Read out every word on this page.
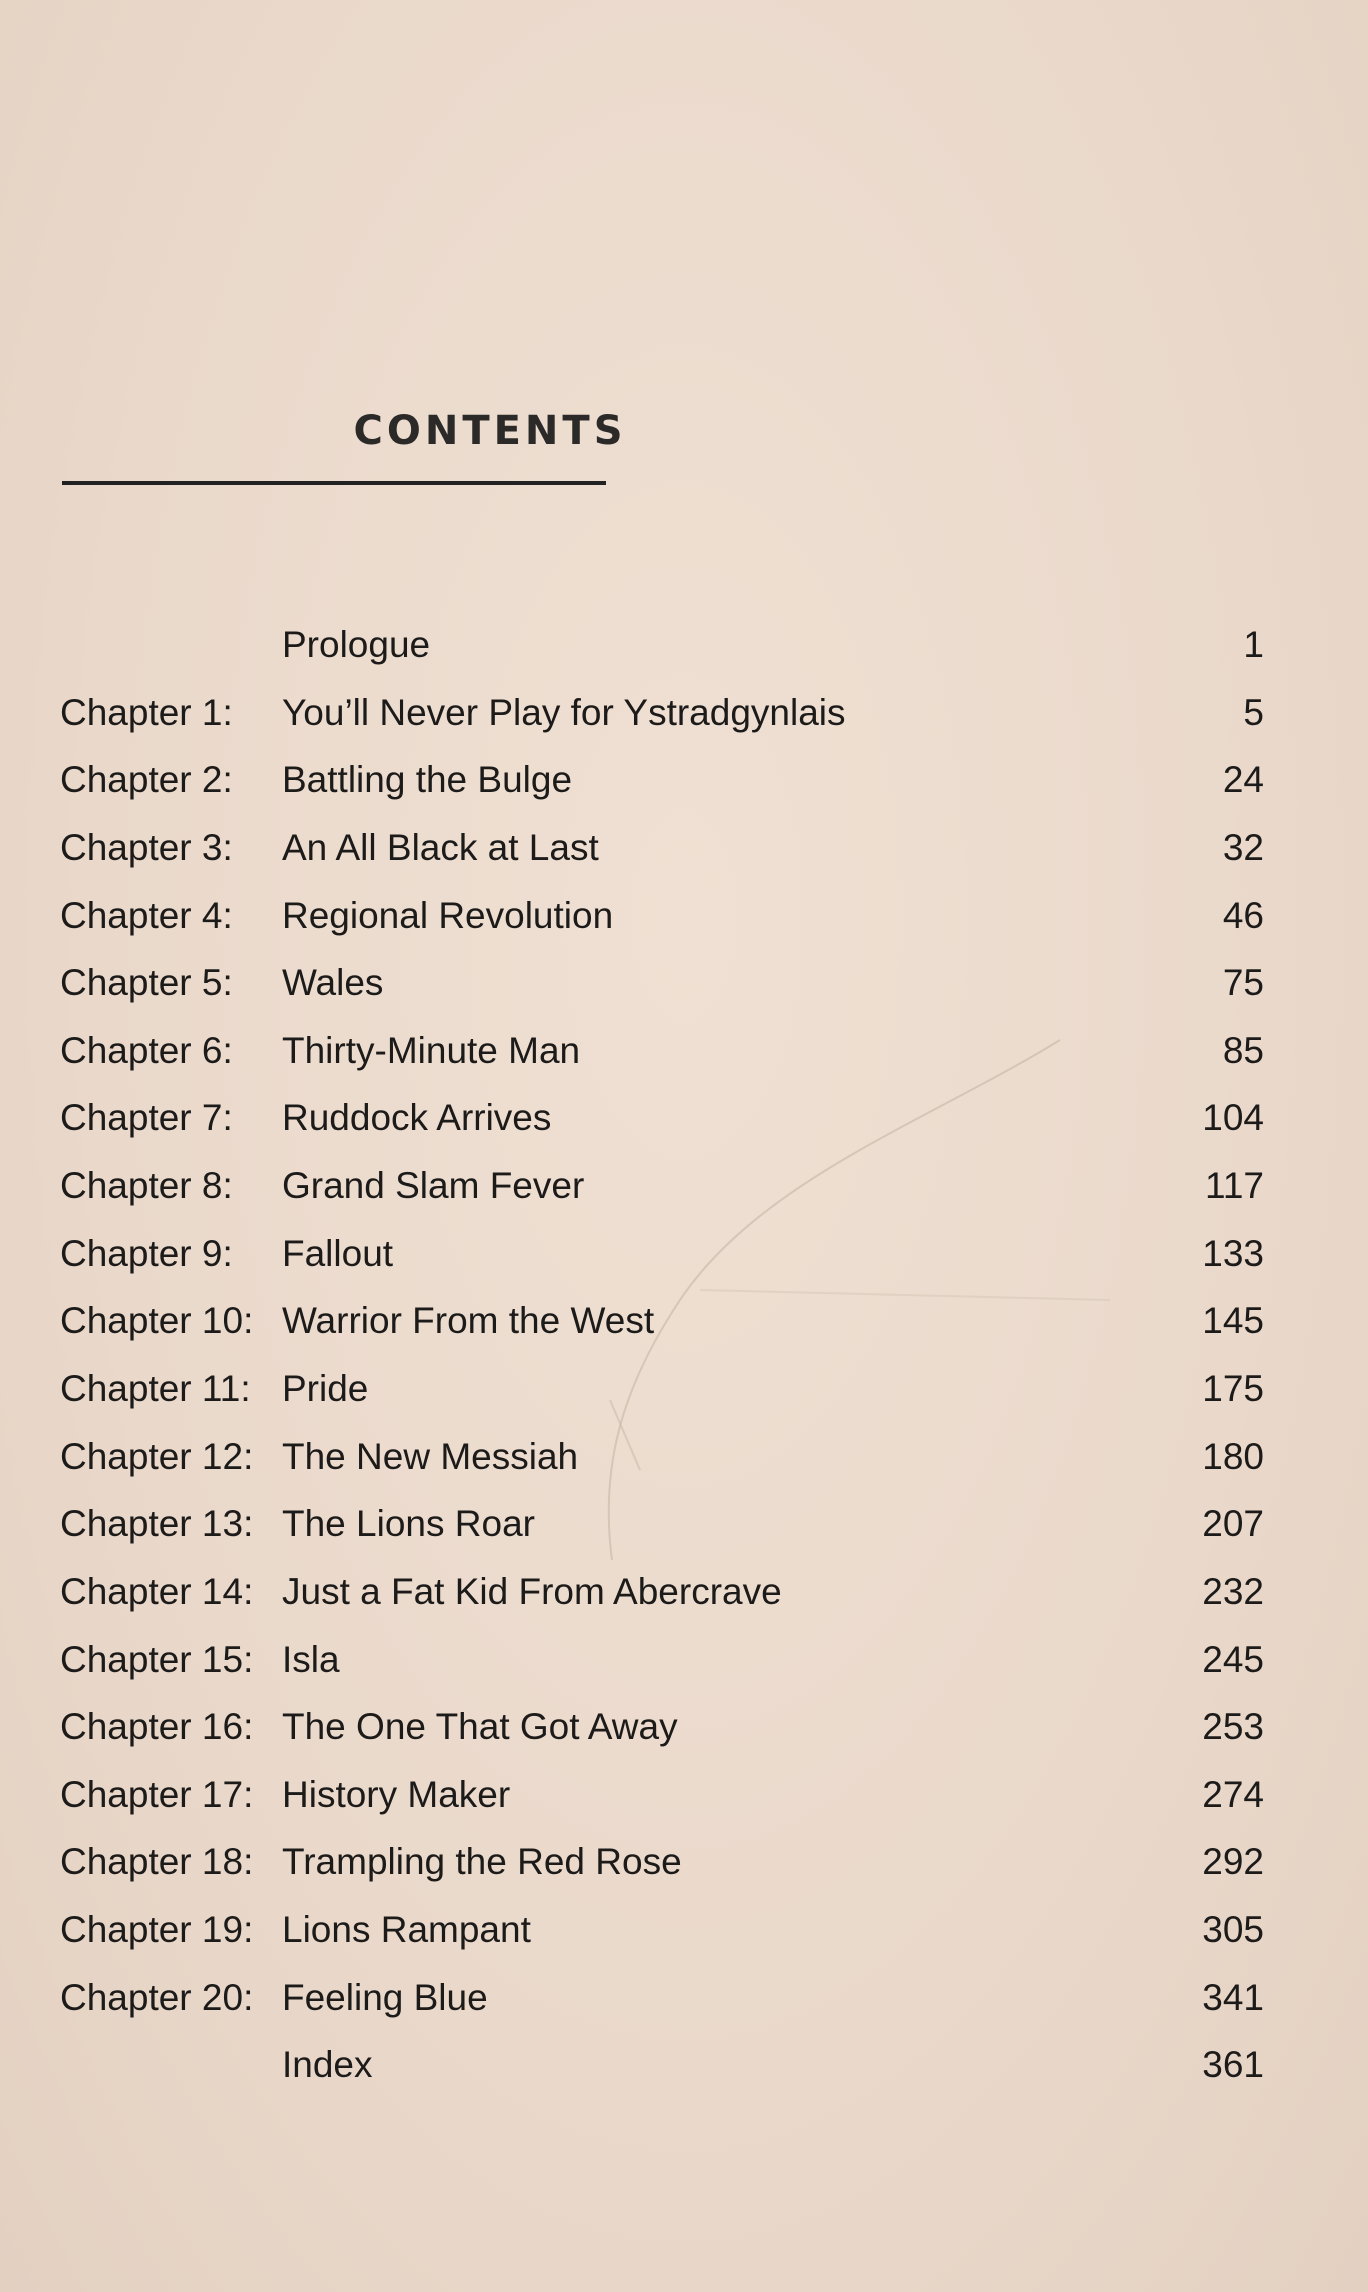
CONTENTS
Prologue	1
Chapter 1: You’ll Never Play for Ystradgynlais	5
Chapter 2: Battling the Bulge	24
Chapter 3: An All Black at Last	32
Chapter 4: Regional Revolution	46
Chapter 5: Wales	75
Chapter 6: Thirty-Minute Man	85
Chapter 7: Ruddock Arrives	104
Chapter 8: Grand Slam Fever	117
Chapter 9: Fallout	133
Chapter 10: Warrior From the West	145
Chapter 11: Pride	175
Chapter 12: The New Messiah	180
Chapter 13: The Lions Roar	207
Chapter 14: Just a Fat Kid From Abercrave	232
Chapter 15: Isla	245
Chapter 16: The One That Got Away	253
Chapter 17: History Maker	274
Chapter 18: Trampling the Red Rose	292
Chapter 19: Lions Rampant	305
Chapter 20: Feeling Blue	341
Index	361
